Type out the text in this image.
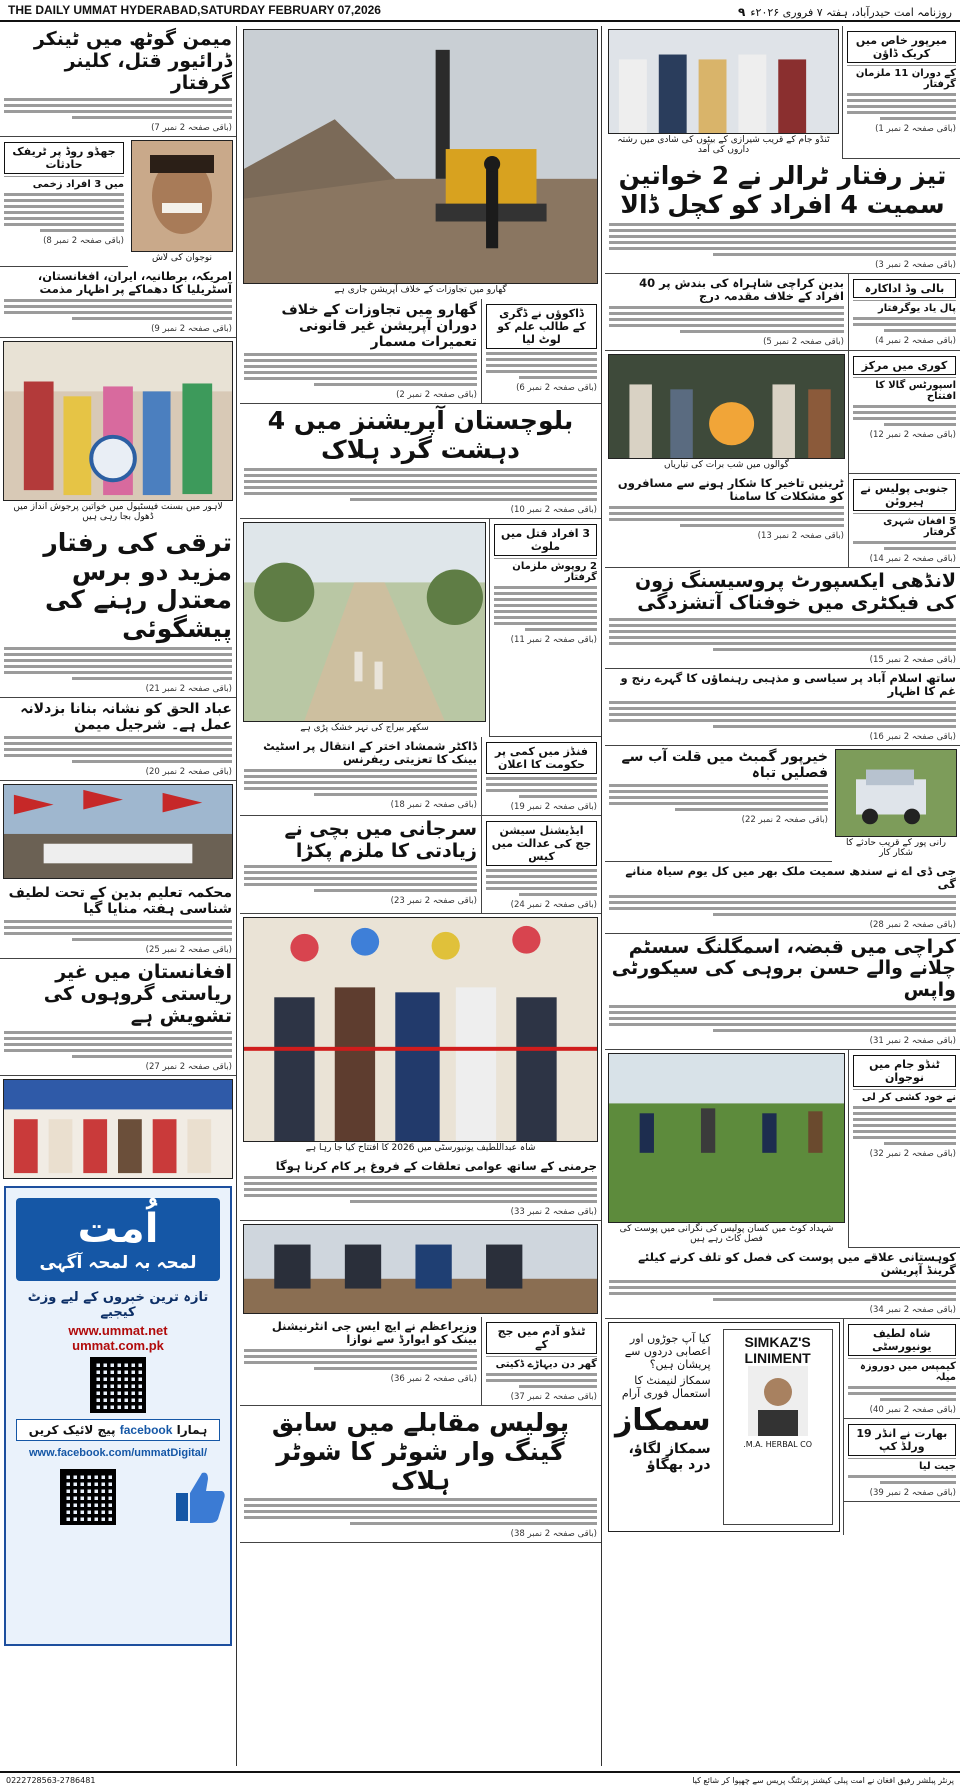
THE DAILY UMMAT HYDERABAD,SATURDAY FEBRUARY 07,2026	روزنامہ امت حیدرآباد، ہفتہ ۷ فروری ۲۰۲۶ء ۹
میمن گوٹھ میں ٹینکر ڈرائیور قتل، کلینر گرفتار
(باقی صفحہ 2 نمبر 7)
جھڈو روڈ پر ٹریفک حادثات
میں 3 افراد زخمی
(باقی صفحہ 2 نمبر 8)
نوجوان کی لاش
امریکہ، برطانیہ، ایران، افغانستان، آسٹریلیا کا دھماکے پر اظہار مذمت
(باقی صفحہ 2 نمبر 9)
لاہور میں بسنت فیسٹیول میں خواتین پرجوش انداز میں ڈھول بجا رہی ہیں
ترقی کی رفتار مزید دو برس معتدل رہنے کی پیشگوئی
(باقی صفحہ 2 نمبر 21)
عباد الحق کو نشانہ بنانا بزدلانہ عمل ہے۔ شرجیل میمن
(باقی صفحہ 2 نمبر 20)
محکمہ تعلیم بدین کے تحت لطیف شناسی ہفتہ منایا گیا
(باقی صفحہ 2 نمبر 25)
افغانستان میں غیر ریاستی گروہوں کی تشویش ہے
(باقی صفحہ 2 نمبر 27)
اُمت
لمحہ بہ لمحہ آگہی
تازہ ترین خبروں کے لیے وزٹ کیجیے
www.ummat.net
ummat.com.pk
ہمارا facebook پیج لائیک کریں
www.facebook.com/ummatDigital/
گھارو میں تجاوزات کے خلاف آپریشن جاری ہے
گھارو میں تجاوزات کے خلاف دوران آپریشن غیر قانونی تعمیرات مسمار
(باقی صفحہ 2 نمبر 2)
ڈاکوؤں نے ڈگری کے طالب علم کو لوٹ لیا
(باقی صفحہ 2 نمبر 6)
بلوچستان آپریشنز میں 4 دہشت گرد ہلاک
(باقی صفحہ 2 نمبر 10)
سکھر بیراج کی نہر خشک پڑی ہے
3 افراد قتل میں ملوث
2 روپوش ملزمان گرفتار
(باقی صفحہ 2 نمبر 11)
ڈاکٹر شمشاد اختر کے انتقال پر اسٹیٹ بینک کا تعزیتی ریفرنس
(باقی صفحہ 2 نمبر 18)
فنڈز میں کمی پر حکومت کا اعلان
(باقی صفحہ 2 نمبر 19)
سرجانی میں بچی نے زیادتی کا ملزم پکڑا
(باقی صفحہ 2 نمبر 23)
ایڈیشنل سیشن جج کی عدالت میں کیس
(باقی صفحہ 2 نمبر 24)
شاہ عبداللطیف یونیورسٹی میں 2026 کا افتتاح کیا جا رہا ہے
جرمنی کے ساتھ عوامی تعلقات کے فروغ پر کام کرنا ہوگا
(باقی صفحہ 2 نمبر 33)
وزیراعظم نے ایچ ایس جی انٹرنیشنل بینک کو ایوارڈ سے نوازا
(باقی صفحہ 2 نمبر 36)
ٹنڈو آدم میں جج کے
گھر دن دیہاڑے ڈکیتی
(باقی صفحہ 2 نمبر 37)
پولیس مقابلے میں سابق گینگ وار شوٹر کا شوٹر ہلاک
(باقی صفحہ 2 نمبر 38)
ٹنڈو جام کے قریب شیرازی کے بیٹوں کی شادی میں رشتہ داروں کی آمد
میرپور خاص میں کریک ڈاؤن
کے دوران 11 ملزمان گرفتار
(باقی صفحہ 2 نمبر 1)
تیز رفتار ٹرالر نے 2 خواتین سمیت 4 افراد کو کچل ڈالا
(باقی صفحہ 2 نمبر 3)
بدین کراچی شاہراہ کی بندش پر 40 افراد کے خلاف مقدمہ درج
(باقی صفحہ 2 نمبر 5)
بالی وڈ اداکارہ
پال یاد یوگرفتار
(باقی صفحہ 2 نمبر 4)
گوالوں میں شب برات کی تیاریاں
کوری میں مرکز
اسپورٹس گالا کا افتتاح
(باقی صفحہ 2 نمبر 12)
ٹرینیں تاخیر کا شکار ہونے سے مسافروں کو مشکلات کا سامنا
(باقی صفحہ 2 نمبر 13)
جنوبی پولیس نے ہیروئن
5 افغان شہری گرفتار
(باقی صفحہ 2 نمبر 14)
لانڈھی ایکسپورٹ پروسیسنگ زون کی فیکٹری میں خوفناک آتشزدگی
(باقی صفحہ 2 نمبر 15)
ساتھ اسلام آباد پر سیاسی و مذہبی رہنماؤں کا گہرے رنج و غم کا اظہار
(باقی صفحہ 2 نمبر 16)
خیرپور گمبٹ میں قلت آب سے فصلیں تباہ
(باقی صفحہ 2 نمبر 22)
رانی پور کے قریب حادثے کا شکار کار
جی ڈی اے نے سندھ سمیت ملک بھر میں کل یوم سیاہ منانے گی
(باقی صفحہ 2 نمبر 28)
کراچی میں قبضہ، اسمگلنگ سسٹم چلانے والے حسن بروہی کی سیکورٹی واپس
(باقی صفحہ 2 نمبر 31)
شہداد کوٹ میں کسان پولیس کی نگرانی میں پوست کی فصل کاٹ رہے ہیں
ٹنڈو جام میں نوجوان
نے خود کشی کر لی
(باقی صفحہ 2 نمبر 32)
کوہستانی علاقے میں پوست کی فصل کو تلف کرنے کیلئے گرینڈ آپریشن
(باقی صفحہ 2 نمبر 34)
SIMKAZ'S
LINIMENT
M.A. HERBAL CO.
کیا آپ جوڑوں اور اعصابی دردوں سے پریشان ہیں؟
سمکاز لنیمنٹ کا استعمال فوری آرام
سمکاز
سمکاز لگاؤ، درد بھگاؤ
شاہ لطیف یونیورسٹی
کیمپس میں دوروزہ میلہ
(باقی صفحہ 2 نمبر 40)
بھارت نے انڈر 19 ورلڈ کپ
جیت لیا
(باقی صفحہ 2 نمبر 39)
پرنٹر پبلشر رفیق افغان نے امت پبلی کیشنز پرنٹنگ پریس سے چھپوا کر شائع کیا
0222728563-2786481
